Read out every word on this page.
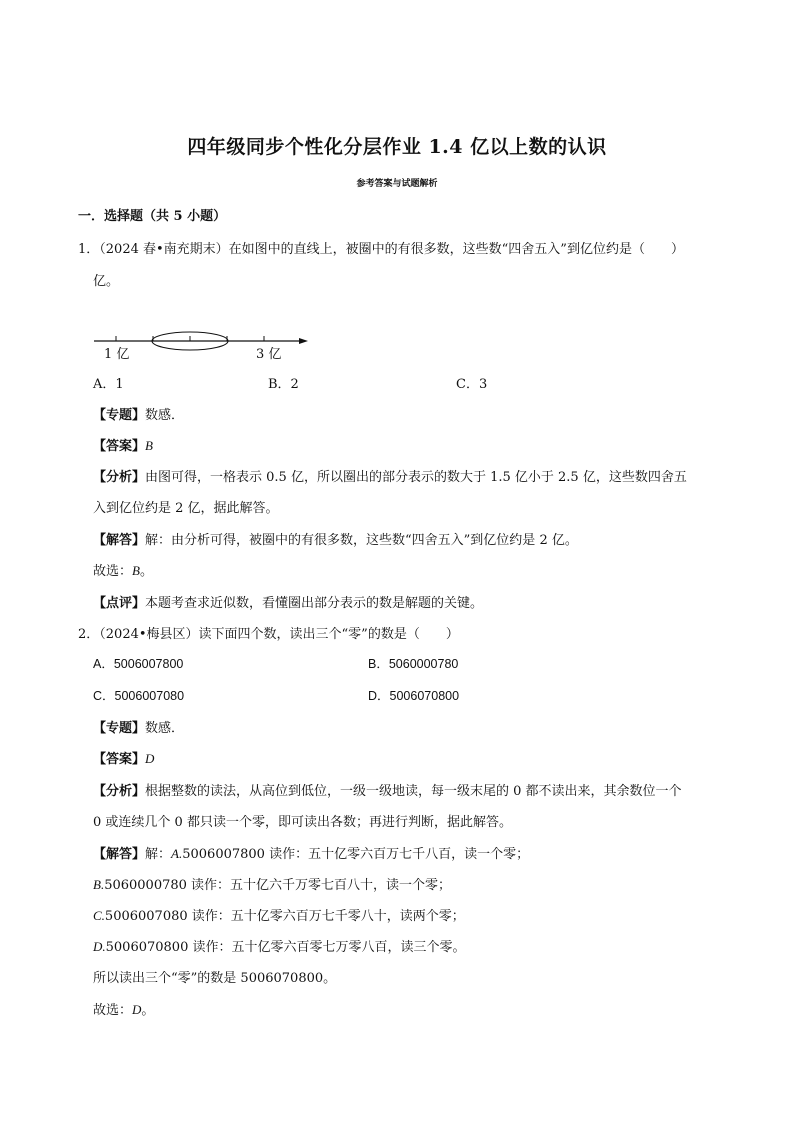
四年级同步个性化分层作业 1.4 亿以上数的认识
参考答案与试题解析
一．选择题（共 5 小题）
1．（2024 春•南充期末）在如图中的直线上，被圈中的有很多数，这些数“四舍五入”到亿位约是（　　）
亿。
1 亿	3 亿
A．1	B．2	C．3
【专题】数感．
【答案】B
【分析】由图可得，一格表示 0.5 亿，所以圈出的部分表示的数大于 1.5 亿小于 2.5 亿，这些数四舍五
入到亿位约是 2 亿，据此解答。
【解答】解：由分析可得，被圈中的有很多数，这些数“四舍五入”到亿位约是 2 亿。
故选：B。
【点评】本题考查求近似数，看懂圈出部分表示的数是解题的关键。
2．（2024•梅县区）读下面四个数，读出三个“零”的数是（　　）
A．5006007800	B．5060000780
C．5006007080	D．5006070800
【专题】数感．
【答案】D
【分析】根据整数的读法，从高位到低位，一级一级地读，每一级末尾的 0 都不读出来，其余数位一个
0 或连续几个 0 都只读一个零，即可读出各数；再进行判断，据此解答。
【解答】解：A.5006007800 读作：五十亿零六百万七千八百，读一个零；
B.5060000780 读作：五十亿六千万零七百八十，读一个零；
C.5006007080 读作：五十亿零六百万七千零八十，读两个零；
D.5006070800 读作：五十亿零六百零七万零八百，读三个零。
所以读出三个“零”的数是 5006070800。
故选：D。
